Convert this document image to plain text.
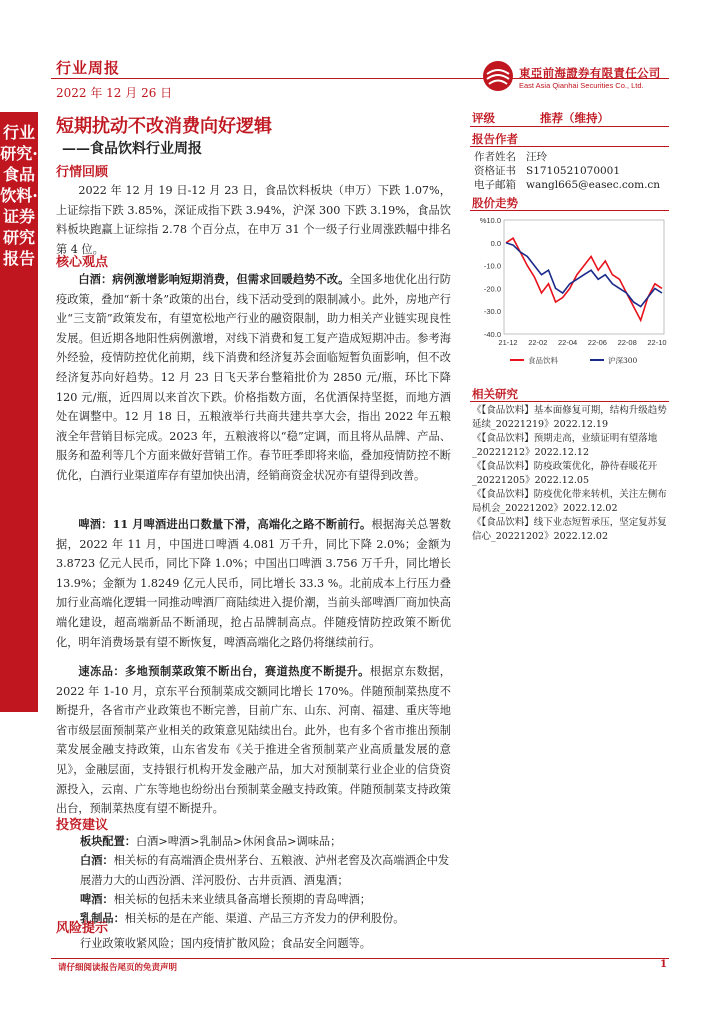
行业研究·食品饮料·证券研究报告
行业周报
2022 年 12 月 26 日
東亞前海證券有限責任公司
East Asia Qianhai Securities Co., Ltd.
短期扰动不改消费向好逻辑
——食品饮料行业周报
行情回顾
2022 年 12 月 19 日-12 月 23 日，食品饮料板块（申万）下跌 1.07%，上证综指下跌 3.85%，深证成指下跌 3.94%，沪深 300 下跌 3.19%，食品饮料板块跑赢上证综指 2.78 个百分点，在申万 31 个一级子行业周涨跌幅中排名第 4 位。
核心观点
白酒：病例激增影响短期消费，但需求回暖趋势不改。全国多地优化出行防疫政策，叠加“新十条”政策的出台，线下活动受到的限制减小。此外，房地产行业“三支箭”政策发布，有望宽松地产行业的融资限制，助力相关产业链实现良性发展。但近期各地阳性病例激增，对线下消费和复工复产造成短期冲击。参考海外经验，疫情防控优化前期，线下消费和经济复苏会面临短暂负面影响，但不改经济复苏向好趋势。12 月 23 日飞天茅台整箱批价为 2850 元/瓶，环比下降 120 元/瓶，近四周以来首次下跌。价格指数方面，名优酒保持坚挺，而地方酒处在调整中。12 月 18 日，五粮液举行共商共建共享大会，指出 2022 年五粮液全年营销目标完成。2023 年，五粮液将以“稳”定调，而且将从品牌、产品、服务和盈利等几个方面来做好营销工作。春节旺季即将来临，叠加疫情防控不断优化，白酒行业渠道库存有望加快出清，经销商资金状况亦有望得到改善。
啤酒：11 月啤酒进出口数量下滑，高端化之路不断前行。根据海关总署数据，2022 年 11 月，中国进口啤酒 4.081 万千升，同比下降 2.0%；金额为 3.8723 亿元人民币，同比下降 1.0%；中国出口啤酒 3.756 万千升，同比增长 13.9%；金额为 1.8249 亿元人民币，同比增长 33.3 %。北前成本上行压力叠加行业高端化逻辑一同推动啤酒厂商陆续进入提价潮，当前头部啤酒厂商加快高端化建设，超高端新品不断涌现，抢占品牌制高点。伴随疫情防控政策不断优化，明年消费场景有望不断恢复，啤酒高端化之路仍将继续前行。
速冻品：多地预制菜政策不断出台，赛道热度不断提升。根据京东数据，2022 年 1-10 月，京东平台预制菜成交额同比增长 170%。伴随预制菜热度不断提升，各省市产业政策也不断完善，目前广东、山东、河南、福建、重庆等地省市级层面预制菜产业相关的政策意见陆续出台。此外，也有多个省市推出预制菜发展金融支持政策，山东省发布《关于推进全省预制菜产业高质量发展的意见》，金融层面，支持银行机构开发金融产品，加大对预制菜行业企业的信贷资源投入，云南、广东等地也纷纷出台预制菜金融支持政策。伴随预制菜支持政策出台，预制菜热度有望不断提升。
投资建议
板块配置：白酒>啤酒>乳制品>休闲食品>调味品；
白酒：相关标的有高端酒企贵州茅台、五粮液、泸州老窖及次高端酒企中发展潜力大的山西汾酒、洋河股份、古井贡酒、酒鬼酒；
啤酒：相关标的包括未来业绩具备高增长预期的青岛啤酒；
乳制品：相关标的是在产能、渠道、产品三方齐发力的伊利股份。
风险提示
行业政策收紧风险；国内疫情扩散风险；食品安全问题等。
评级	推荐（维持）
报告作者
作者姓名 汪玲
资格证书 S1710521070001
电子邮箱 wangl665@easec.com.cn
股价走势
%10.0
0.0
-10.0
-20.0
-30.0
-40.0
21-12 22-02 22-04 22-06 22-08 22-10
食品饮料	沪深300
相关研究
《【食品饮料】基本面修复可期，结构升级趋势延续_20221219》2022.12.19
《【食品饮料】预期走高，业绩证明有望落地_20221212》2022.12.12
《【食品饮料】防疫政策优化，静待春暖花开_20221205》2022.12.05
《【食品饮料】防疫优化带来转机，关注左侧布局机会_20221202》2022.12.02
《【食品饮料】线下业态短暂承压，坚定复苏复信心_20221202》2022.12.02
请仔细阅读报告尾页的免责声明	1
